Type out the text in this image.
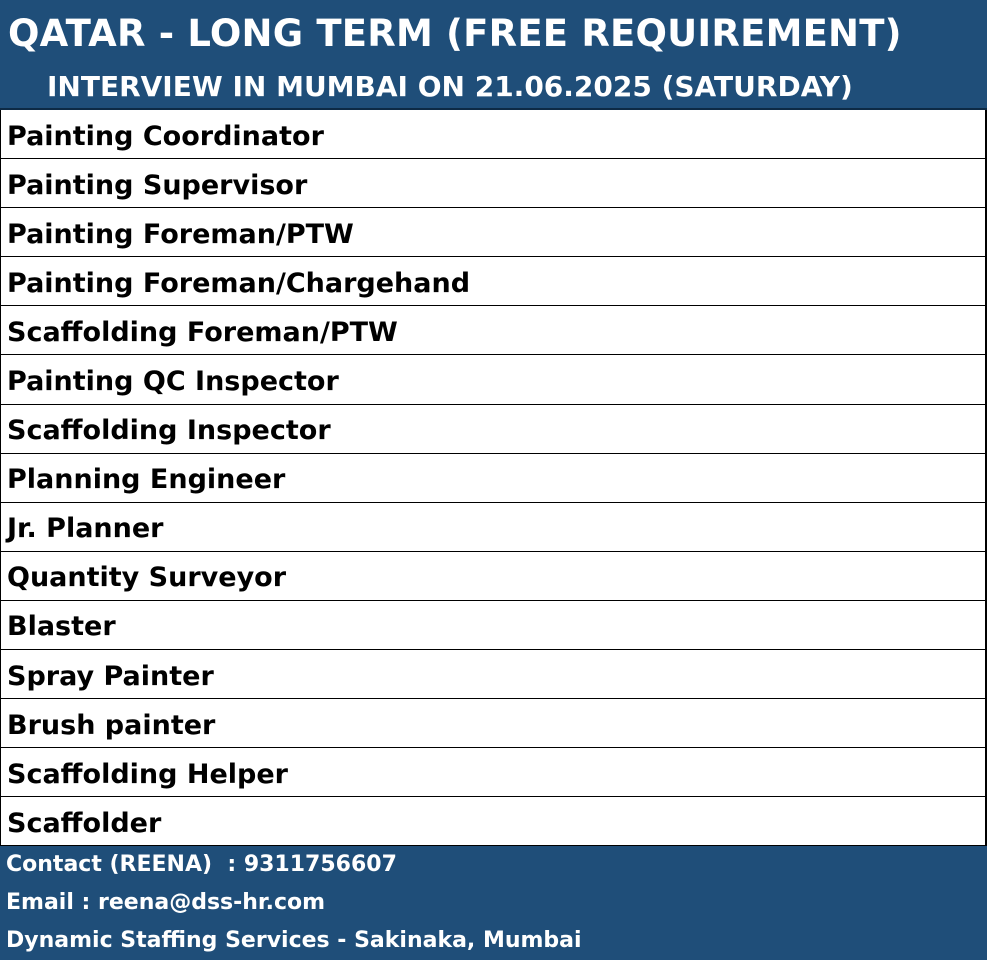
QATAR - LONG TERM (FREE REQUIREMENT)
INTERVIEW IN MUMBAI ON 21.06.2025 (SATURDAY)
Painting Coordinator
Painting Supervisor
Painting Foreman/PTW
Painting Foreman/Chargehand
Scaffolding Foreman/PTW
Painting QC Inspector
Scaffolding Inspector
Planning Engineer
Jr. Planner
Quantity Surveyor
Blaster
Spray Painter
Brush painter
Scaffolding Helper
Scaffolder
Contact (REENA)  : 9311756607
Email : reena@dss-hr.com
Dynamic Staffing Services - Sakinaka, Mumbai
